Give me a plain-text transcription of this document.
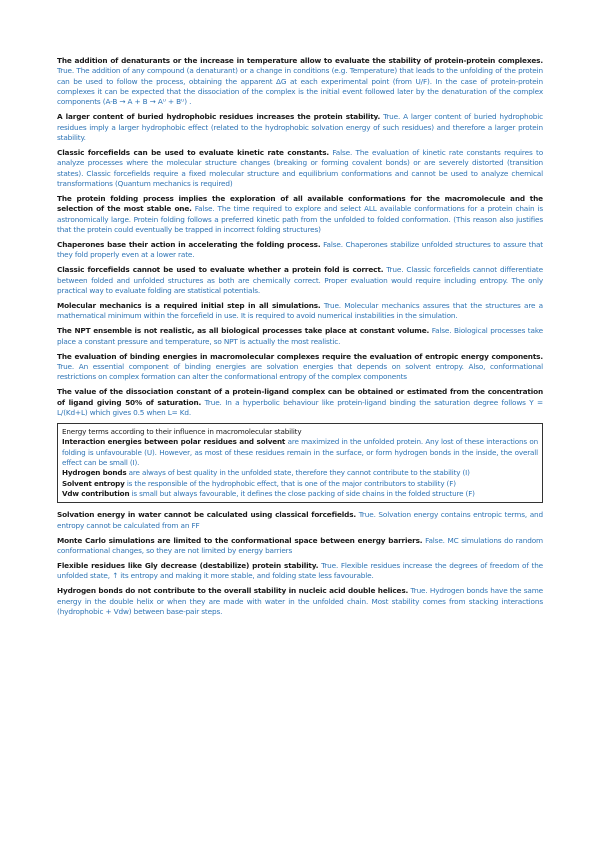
The addition of denaturants or the increase in temperature allow to evaluate the stability of protein-protein complexes. True. The addition of any compound (a denaturant) or a change in conditions (e.g. Temperature) that leads to the unfolding of the protein can be used to follow the process, obtaining the apparent ΔG at each experimental point (from U/F). In the case of protein-protein complexes it can be expected that the dissociation of the complex is the initial event followed later by the denaturation of the complex components (A-B → A + B → Aᵁ + Bᵁ) .

A larger content of buried hydrophobic residues increases the protein stability. True. A larger content of buried hydrophobic residues imply a larger hydrophobic effect (related to the hydrophobic solvation energy of such residues) and therefore a larger protein stability.

Classic forcefields can be used to evaluate kinetic rate constants. False. The evaluation of kinetic rate constants requires to analyze processes where the molecular structure changes (breaking or forming covalent bonds) or are severely distorted (transition states). Classic forcefields require a fixed molecular structure and equilibrium conformations and cannot be used to analyze chemical transformations (Quantum mechanics is required)

The protein folding process implies the exploration of all available conformations for the macromolecule and the selection of the most stable one. False. The time required to explore and select ALL available conformations for a protein chain is astronomically large. Protein folding follows a preferred kinetic path from the unfolded to folded conformation. (This reason also justifies that the protein could eventually be trapped in incorrect folding structures)

Chaperones base their action in accelerating the folding process. False. Chaperones stabilize unfolded structures to assure that they fold properly even at a lower rate.

Classic forcefields cannot be used to evaluate whether a protein fold is correct. True. Classic forcefields cannot differentiate between folded and unfolded structures as both are chemically correct. Proper evaluation would require including entropy. The only practical way to evaluate folding are statistical potentials.

Molecular mechanics is a required initial step in all simulations. True. Molecular mechanics assures that the structures are a mathematical minimum within the forcefield in use. It is required to avoid numerical instabilities in the simulation.

The NPT ensemble is not realistic, as all biological processes take place at constant volume. False. Biological processes take place a constant pressure and temperature, so NPT is actually the most realistic.

The evaluation of binding energies in macromolecular complexes require the evaluation of entropic energy components. True. An essential component of binding energies are solvation energies that depends on solvent entropy. Also, conformational restrictions on complex formation can alter the conformational entropy of the complex components

The value of the dissociation constant of a protein-ligand complex can be obtained or estimated from the concentration of ligand giving 50% of saturation. True. In a hyperbolic behaviour like protein-ligand binding the saturation degree follows Y = L/(Kd+L) which gives 0.5 when L= Kd.

Energy terms according to their influence in macromolecular stability

Interaction energies between polar residues and solvent are maximized in the unfolded protein. Any lost of these interactions on folding is unfavourable (U). However, as most of these residues remain in the surface, or form hydrogen bonds in the inside, the overall effect can be small (I).

Hydrogen bonds are always of best quality in the unfolded state, therefore they cannot contribute to the stability (I)

Solvent entropy is the responsible of the hydrophobic effect, that is one of the major contributors to stability (F)

Vdw contribution is small but always favourable, it defines the close packing of side chains in the folded structure (F)

Solvation energy in water cannot be calculated using classical forcefields. True. Solvation energy contains entropic terms, and entropy cannot be calculated from an FF

Monte Carlo simulations are limited to the conformational space between energy barriers. False. MC simulations do random conformational changes, so they are not limited by energy barriers

Flexible residues like Gly decrease (destabilize) protein stability. True. Flexible residues increase the degrees of freedom of the unfolded state, ↑ its entropy and making it more stable, and folding state less favourable.

Hydrogen bonds do not contribute to the overall stability in nucleic acid double helices. True. Hydrogen bonds have the same energy in the double helix or when they are made with water in the unfolded chain. Most stability comes from stacking interactions (hydrophobic + Vdw) between base-pair steps.
